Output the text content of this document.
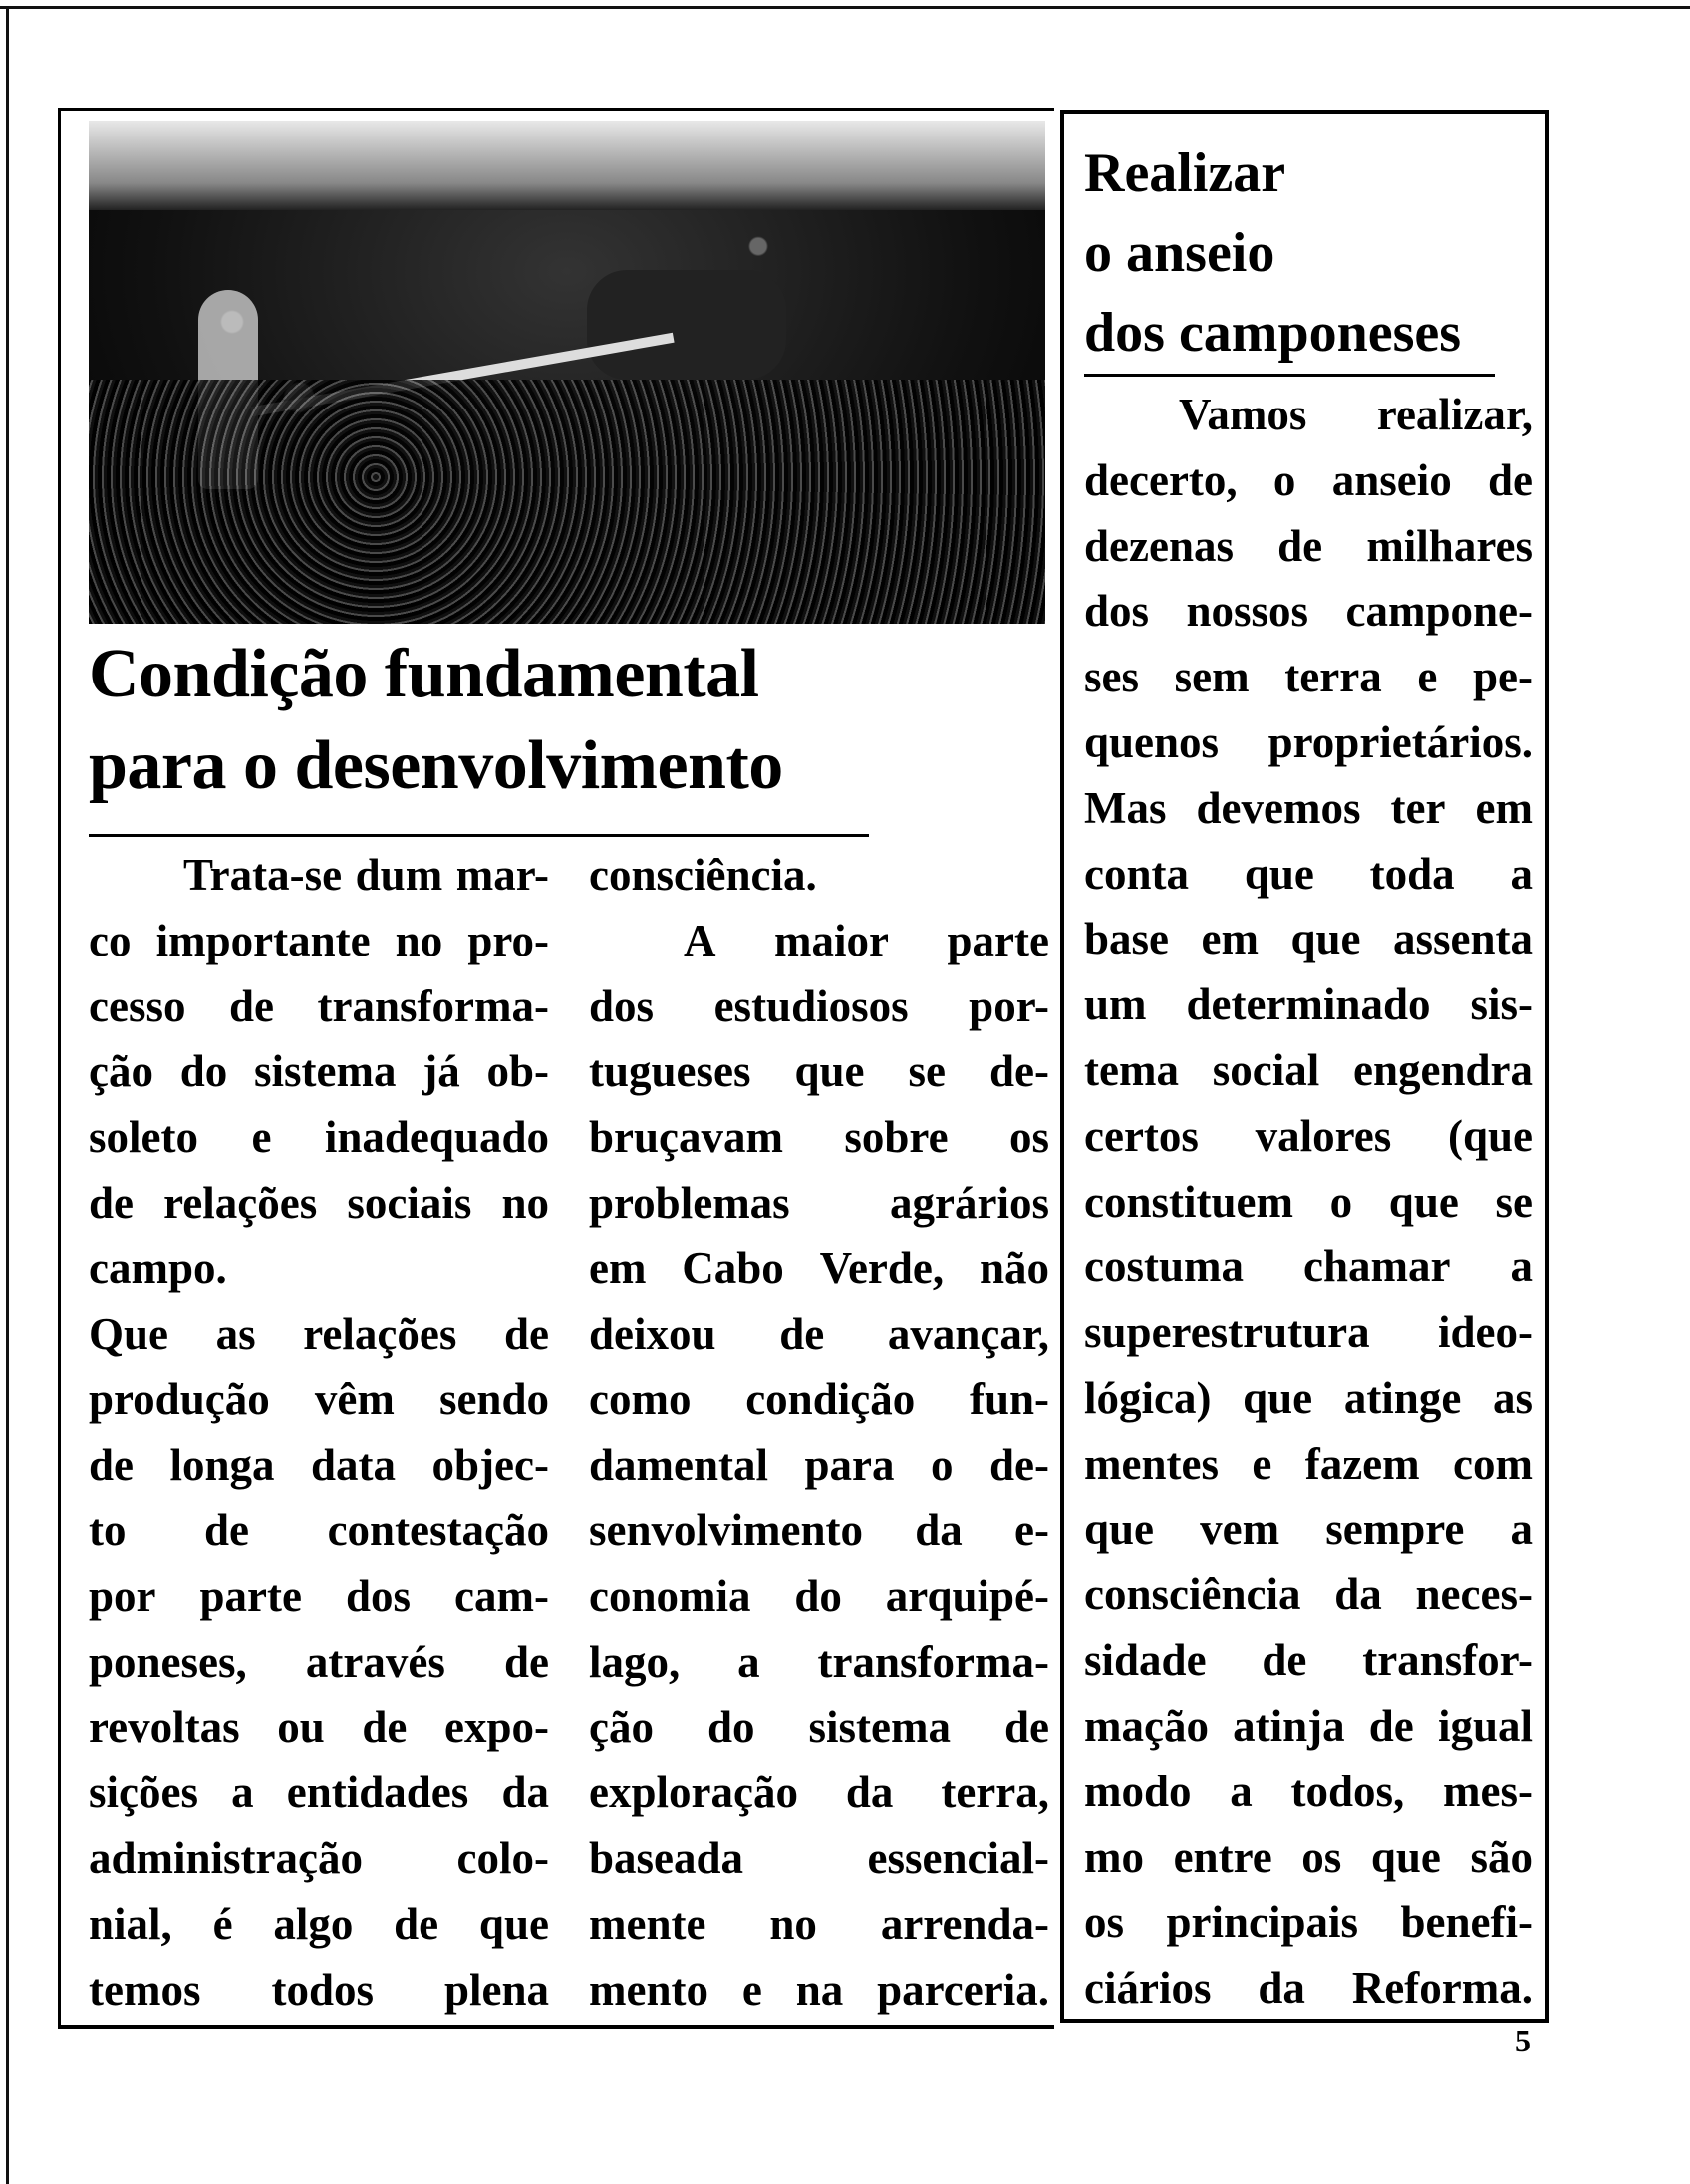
Condição fundamental
para o desenvolvimento
Trata-se dum mar-
co importante no pro-
cesso de transforma-
ção do sistema já ob-
soleto e inadequado
de relações sociais no
campo.
Que as relações de
produção vêm sendo
de longa data objec-
to de contestação
por parte dos cam-
poneses, através de
revoltas ou de expo-
sições a entidades da
administração colo-
nial, é algo de que
temos todos plena
consciência.
A maior parte
dos estudiosos por-
tugueses que se de-
bruçavam sobre os
problemas agrários
em Cabo Verde, não
deixou de avançar,
como condição fun-
damental para o de-
senvolvimento da e-
conomia do arquipé-
lago, a transforma-
ção do sistema de
exploração da terra,
baseada	essencial-
mente no arrenda-
mento e na parceria.
Realizar
o anseio
dos camponeses
Vamos realizar,
decerto, o anseio de
dezenas de milhares
dos nossos campone-
ses sem terra e pe-
quenos proprietários.
Mas devemos ter em
conta que toda a
base em que assenta
um determinado sis-
tema social engendra
certos valores (que
constituem o que se
costuma chamar a
superestrutura ideo-
lógica) que atinge as
mentes e fazem com
que vem sempre a
consciência da neces-
sidade de transfor-
mação atinja de igual
modo a todos, mes-
mo entre os que são
os principais benefi-
ciários da Reforma.
5
